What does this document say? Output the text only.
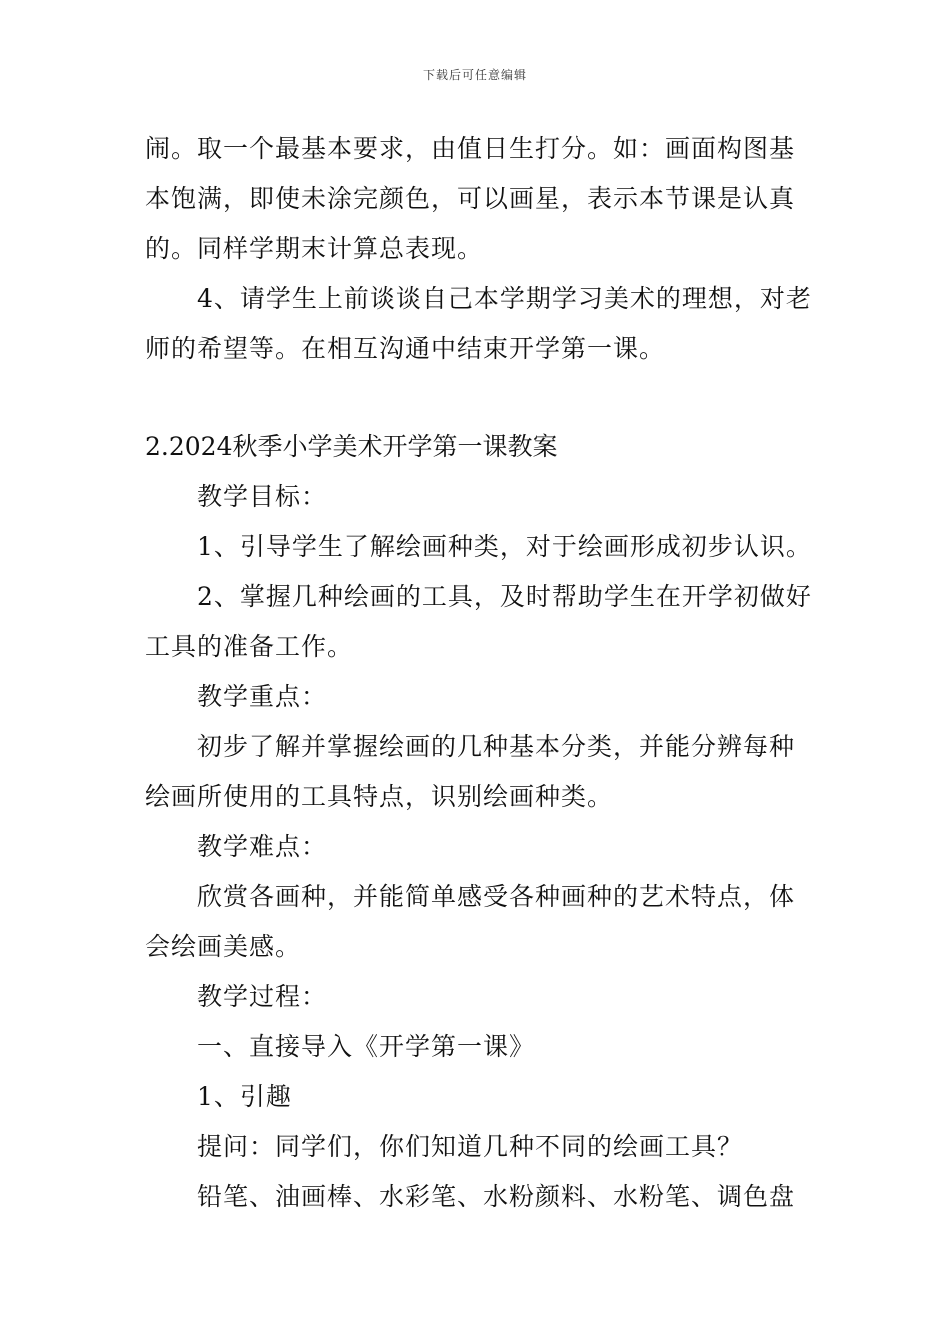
下载后可任意编辑
闹。取一个最基本要求，由值日生打分。如：画面构图基
本饱满，即使未涂完颜色，可以画星，表示本节课是认真
的。同样学期末计算总表现。
4、请学生上前谈谈自己本学期学习美术的理想，对老
师的希望等。在相互沟通中结束开学第一课。
2.2024秋季小学美术开学第一课教案
教学目标：
1、引导学生了解绘画种类，对于绘画形成初步认识。
2、掌握几种绘画的工具，及时帮助学生在开学初做好
工具的准备工作。
教学重点：
初步了解并掌握绘画的几种基本分类，并能分辨每种
绘画所使用的工具特点，识别绘画种类。
教学难点：
欣赏各画种，并能简单感受各种画种的艺术特点，体
会绘画美感。
教学过程：
一、直接导入《开学第一课》
1、引趣
提问：同学们，你们知道几种不同的绘画工具？
铅笔、油画棒、水彩笔、水粉颜料、水粉笔、调色盘
